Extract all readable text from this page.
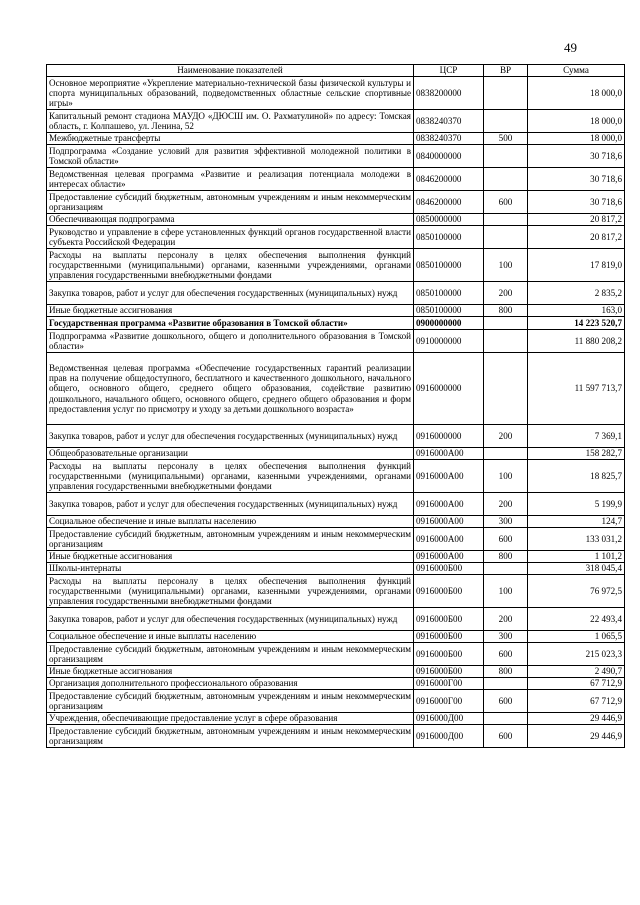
49
Наименование показателей	ЦСР	ВР	Сумма
Основное мероприятие «Укрепление материально-технической базы физической культуры и спорта муниципальных образований, подведомственных областные сельские спортивные игры»	0838200000		18 000,0
Капитальный ремонт стадиона МАУДО «ДЮСШ им. О. Рахматулиной» по адресу: Томская область, г. Колпашево, ул. Ленина, 52	0838240370		18 000,0
Межбюджетные трансферты	0838240370	500	18 000,0
Подпрограмма «Создание условий для развития эффективной молодежной политики в Томской области»	0840000000		30 718,6
Ведомственная целевая программа «Развитие и реализация потенциала молодежи в интересах области»	0846200000		30 718,6
Предоставление субсидий бюджетным, автономным учреждениям и иным некоммерческим организациям	0846200000	600	30 718,6
Обеспечивающая подпрограмма	0850000000		20 817,2
Руководство и управление в сфере установленных функций органов государственной власти субъекта Российской Федерации	0850100000		20 817,2
Расходы на выплаты персоналу в целях обеспечения выполнения функций государственными (муниципальными) органами, казенными учреждениями, органами управления государственными внебюджетными фондами	0850100000	100	17 819,0
Закупка товаров, работ и услуг для обеспечения государственных (муниципальных) нужд	0850100000	200	2 835,2
Иные бюджетные ассигнования	0850100000	800	163,0
Государственная программа «Развитие образования в Томской области»	0900000000		14 223 520,7
Подпрограмма «Развитие дошкольного, общего и дополнительного образования в Томской области»	0910000000		11 880 208,2
Ведомственная целевая программа «Обеспечение государственных гарантий реализации прав на получение общедоступного, бесплатного и качественного дошкольного, начального общего, основного общего, среднего общего образования, содействие развитию дошкольного, начального общего, основного общего, среднего общего образования и форм предоставления услуг по присмотру и уходу за детьми дошкольного возраста»	0916000000		11 597 713,7
Закупка товаров, работ и услуг для обеспечения государственных (муниципальных) нужд	0916000000	200	7 369,1
Общеобразовательные организации	0916000А00		158 282,7
Расходы на выплаты персоналу в целях обеспечения выполнения функций государственными (муниципальными) органами, казенными учреждениями, органами управления государственными внебюджетными фондами	0916000А00	100	18 825,7
Закупка товаров, работ и услуг для обеспечения государственных (муниципальных) нужд	0916000А00	200	5 199,9
Социальное обеспечение и иные выплаты населению	0916000А00	300	124,7
Предоставление субсидий бюджетным, автономным учреждениям и иным некоммерческим организациям	0916000А00	600	133 031,2
Иные бюджетные ассигнования	0916000А00	800	1 101,2
Школы-интернаты	0916000Б00		318 045,4
Расходы на выплаты персоналу в целях обеспечения выполнения функций государственными (муниципальными) органами, казенными учреждениями, органами управления государственными внебюджетными фондами	0916000Б00	100	76 972,5
Закупка товаров, работ и услуг для обеспечения государственных (муниципальных) нужд	0916000Б00	200	22 493,4
Социальное обеспечение и иные выплаты населению	0916000Б00	300	1 065,5
Предоставление субсидий бюджетным, автономным учреждениям и иным некоммерческим организациям	0916000Б00	600	215 023,3
Иные бюджетные ассигнования	0916000Б00	800	2 490,7
Организация дополнительного профессионального образования	0916000Г00		67 712,9
Предоставление субсидий бюджетным, автономным учреждениям и иным некоммерческим организациям	0916000Г00	600	67 712,9
Учреждения, обеспечивающие предоставление услуг в сфере образования	0916000Д00		29 446,9
Предоставление субсидий бюджетным, автономным учреждениям и иным некоммерческим организациям	0916000Д00	600	29 446,9
